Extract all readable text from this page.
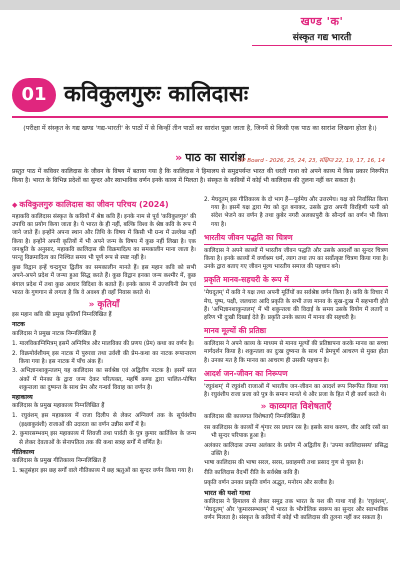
खण्ड 'क'
संस्कृत गद्य भारती
01 कविकुलगुरुः कालिदासः
(परीक्षा में संस्कृत के गद्य खण्ड 'गद्य-भारती' के पाठों में से किन्हीं तीन पाठों का सारांश पूछा जाता है, जिनमें से किसी एक पाठ का सारांश लिखना होता है।)
» पाठ का सारांश
UP Board - 2026, 25, 24, 23, संक्षिप्त 22, 19, 17, 16, 14
प्रस्तुत पाठ में कविवर कालिदास के जीवन के विषय में बताया गया है कि कालिदास ने हिमालय से समुद्रपर्यन्त भारत की धरती गाथा को अपने काव्य में किस प्रकार निरूपित किया है। भारत के विभिन्न प्रदेशों का सुन्दर और स्वाभाविक वर्णन इनके काव्य में मिलता है। संस्कृत के कवियों में कोई भी कालिदास की तुलना नहीं कर सकता है।
◆ कविकुलगुरु कालिदास का जीवन परिचय (2024)
महाकवि कालिदास संस्कृत के कवियों में श्रेष्ठ कवि हैं। इनके नाम से पूर्व 'कविकुलगुरु' की उपाधि का प्रयोग किया जाता है। ये भारत के ही नहीं, बल्कि विश्व के श्रेष्ठ कवि के रूप में जाने जाते हैं। इन्होंने अपना स्थान और तिथि के विषय में किसी भी ग्रन्थ में उल्लेख नहीं किया है। इन्होंने अपनी कृतियों में भी अपने जन्म के विषय में कुछ नहीं लिखा है। एक जनश्रुति के अनुसार, महाकवि कालिदास की विक्रमादित्य का समकालीन माना जाता है। परन्तु विक्रमादित्य का निश्चित समय भी पूर्ण रूप से स्पष्ट नहीं है।
कुछ विद्वान इन्हें चन्द्रगुप्त द्वितीय का समकालीन मानते हैं। इस महान कवि को सभी अपने-अपने प्रदेश में जन्मा हुआ सिद्ध करते हैं। कुछ विद्वान इनका जन्म कश्मीर में, कुछ बंगाल प्रदेश में तथा कुछ आधार विदिशा के बताते हैं। इनके काव्य में उज्जयिनी प्रेम एवं भारत के गुणगान से लगता है कि वे अवश्य ही वहाँ निवास करते थे।
» कृतियाँ
इस महान कवि की प्रमुख कृतियाँ निम्नलिखित हैं
नाटक
कालिदास ने प्रमुख नाटक निम्नलिखित हैं
1. मालविकाग्निमित्रम् इसमें अग्निमित्र और मालविका की प्रणय (प्रेम) कथा का वर्णन है।
2. विक्रमोर्वशीयम् इस नाटक में पुरुरवा तथा उर्वशी की प्रेम-कथा का नाटक रूपान्तरण किया गया है। इस नाटक में पाँच अंक हैं।
3. अभिज्ञानशाकुन्तलम् यह कालिदास का सर्वश्रेष्ठ एवं अद्वितीय नाटक है। इसमें सात अंकों में मेनका के द्वारा जन्म देकर परित्यक्त, महर्षि कण्व द्वारा पालित-पोषित शकुन्तला का दुष्यन्त के साथ प्रेम और गन्धर्व विवाह का वर्णन है।
महाकाव्य
कालिदास के प्रमुख महाकाव्य निम्नलिखित हैं
1. रघुवंशम् इस महाकाव्य में राजा दिलीप से लेकर अग्निवर्ण तक के सूर्यवंशीय (इक्ष्वाकुवंशी) राजाओं की उदारता का वर्णन उन्नीस सर्गों में है।
2. कुमारसम्भवम् इस महाकाव्य में शिवजी तथा पार्वती के पुत्र कुमार कार्तिकेय के जन्म से लेकर देवताओं के सेनापतित्व तक की कथा सत्रह सर्गों में वर्णित है।
गीतिकाव्य
कालिदास के प्रमुख गीतिकाव्य निम्नलिखित हैं
1. ऋतुसंहार इस छह सर्गों वाले गीतिकाव्य में छह ऋतुओं का सुन्दर वर्णन किया गया है।
2. मेघदूतम् इस गीतिकाव्य के दो भाग हैं—पूर्वमेघ और उत्तरमेघ। यक्ष को निर्वासित किया गया है। इसमें यक्ष द्वारा मेघ को दूत बनाकर, उसके द्वारा अपनी विरहिणी पत्नी को संदेश भेजने का वर्णन है तथा कुबेर नगरी अलकापुरी के सौन्दर्य का वर्णन भी किया गया है।
भारतीय जीवन पद्धति का चित्रण
कालिदास ने अपने काव्यों में भारतीय जीवन पद्धति और उसके आदर्शों का सुन्दर चित्रण किया है। इनके काव्यों में वर्णाश्रम धर्म, त्याग तथा तप का सर्वोत्कृष्ट चित्रण किया गया है। उनके द्वारा बताए गए जीवन मूल्य भारतीय समाज की पहचान बने।
प्रकृति मानव-सहचरी के रूप में
'मेघदूतम्' में कवि ने यक्ष तथा अपनी मूर्तियों का सर्वश्रेष्ठ वर्णन किया है। कवि के विचार में मेघ, पुष्प, पक्षी, जलधारा आदि प्रकृति के सभी तत्त्व मानव के सुख-दुःख में सहभागी होते हैं। 'अभिज्ञानशाकुन्तलम्' में भी शकुन्तला की विदाई के समय उसके वियोग में लताएँ व हरिण भी दुःखी दिखाई देते हैं। प्रकृति उनके काव्य में मानव की सहचरी है।
मानव मूल्यों की प्रतिष्ठा
कालिदास ने अपने काव्य के माध्यम से मानव मूल्यों की प्रतिष्ठापना करके मानव का सच्चा मार्गदर्शन किया है। शकुन्तला का दुःख दुष्यन्त के साथ में प्रेमपूर्ण आचरण से मुक्त होता है। उनका मत है कि मानव का आचरण ही उसकी पहचान है।
आदर्श जन-जीवन का निरूपण
'रघुवंशम्' में रघुवंशी राजाओं में भारतीय जन-जीवन का आदर्श रूप निरूपित किया गया है। रघुवंशीय राजा प्रजा को पुत्र के समान मानते थे और प्रजा के हित में ही कार्य करते थे।
» काव्यगत विशेषताएँ
कालिदास की काव्यगत विशेषताएँ निम्नलिखित हैं
रस कालिदास के काव्यों में शृंगार रस प्रधान रस है। इसके साथ करुण, वीर आदि रसों का भी सुन्दर परिपाक हुआ है।
अलंकार कालिदास उपमा अलंकार के प्रयोग में अद्वितीय हैं। 'उपमा कालिदासस्य' प्रसिद्ध उक्ति है।
भाषा कालिदास की भाषा सरल, सरस, प्रवाहमयी तथा प्रसाद गुण से युक्त है।
रीति कालिदास वैदर्भी रीति के सर्वश्रेष्ठ कवि हैं।
प्रकृति वर्णन उनका प्रकृति वर्णन अद्भुत, मनोरम और सजीव है।
भारत की यशो गाथा
कालिदास ने हिमालय से लेकर समुद्र तक भारत के यश की गाथा गाई है। 'रघुवंशम्', 'मेघदूतम्' और 'कुमारसम्भवम्' में भारत के भौगोलिक स्वरूप का सुन्दर और स्वाभाविक वर्णन मिलता है। संस्कृत के कवियों में कोई भी कालिदास की तुलना नहीं कर सकता है।
